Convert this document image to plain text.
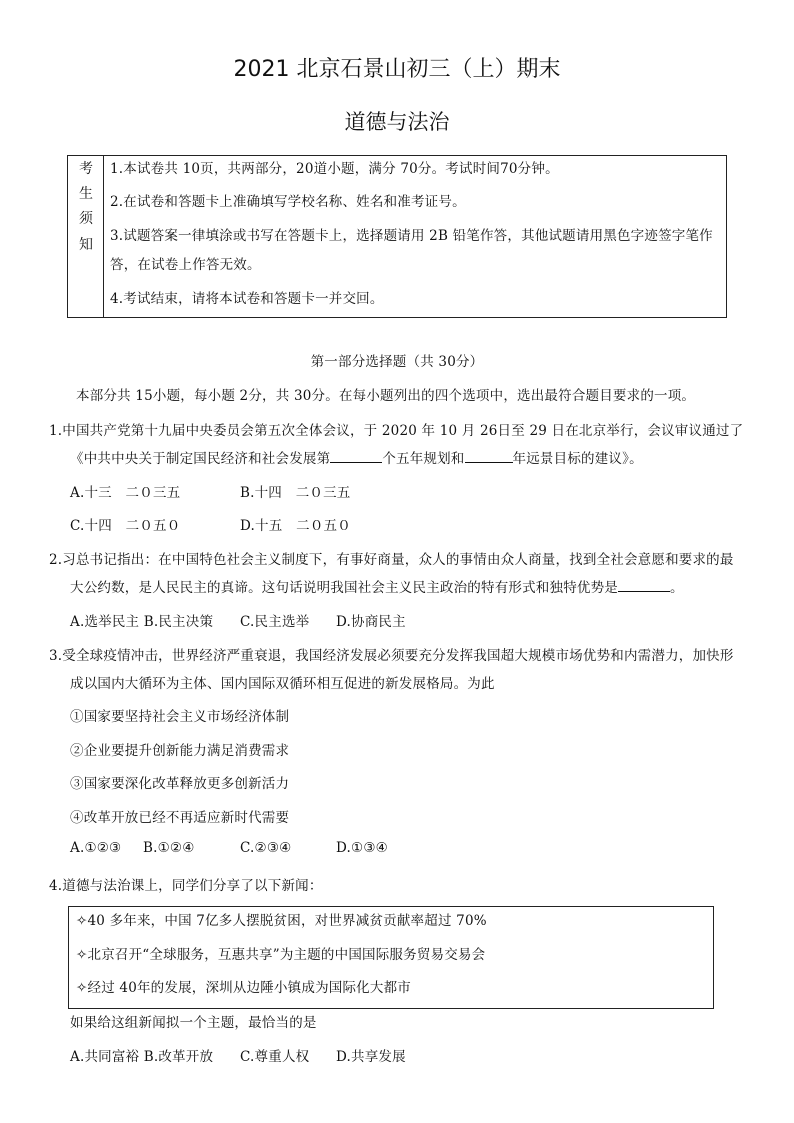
2021 北京石景山初三（上）期末
道德与法治
考
生
须
知
1.本试卷共 10页，共两部分，20道小题，满分 70分。考试时间70分钟。
2.在试卷和答题卡上准确填写学校名称、姓名和准考证号。
3.试题答案一律填涂或书写在答题卡上，选择题请用 2B 铅笔作答，其他试题请用黑色字迹签字笔作
答，在试卷上作答无效。
4.考试结束，请将本试卷和答题卡一并交回。
第一部分选择题（共 30分）
本部分共 15小题，每小题 2分，共 30分。在每小题列出的四个选项中，选出最符合题目要求的一项。
1.中国共产党第十九届中央委员会第五次全体会议，于 2020 年 10 月 26日至 29 日在北京举行，会议审议通过了
《中共中央关于制定国民经济和社会发展第	个五年规划和	年远景目标的建议》。
A.十三　二０三五	B.十四　二０三五
C.十四　二０五０	D.十五　二０五０
2.习总书记指出：在中国特色社会主义制度下，有事好商量，众人的事情由众人商量，找到全社会意愿和要求的最
大公约数，是人民民主的真谛。这句话说明我国社会主义民主政治的特有形式和独特优势是	。
A.选举民主 B.民主决策 C.民主选举 D.协商民主
3.受全球疫情冲击，世界经济严重衰退，我国经济发展必须要充分发挥我国超大规模市场优势和内需潜力，加快形
成以国内大循环为主体、国内国际双循环相互促进的新发展格局。为此
①国家要坚持社会主义市场经济体制
②企业要提升创新能力满足消费需求
③国家要深化改革释放更多创新活力
④改革开放已经不再适应新时代需要
A.①②③ B.①②④	C.②③④	D.①③④
4.道德与法治课上，同学们分享了以下新闻：
✧40 多年来，中国 7亿多人摆脱贫困，对世界减贫贡献率超过 70%
✧北京召开“全球服务，互惠共享”为主题的中国国际服务贸易交易会
✧经过 40年的发展，深圳从边陲小镇成为国际化大都市
如果给这组新闻拟一个主题，最恰当的是
A.共同富裕 B.改革开放 C.尊重人权 D.共享发展
